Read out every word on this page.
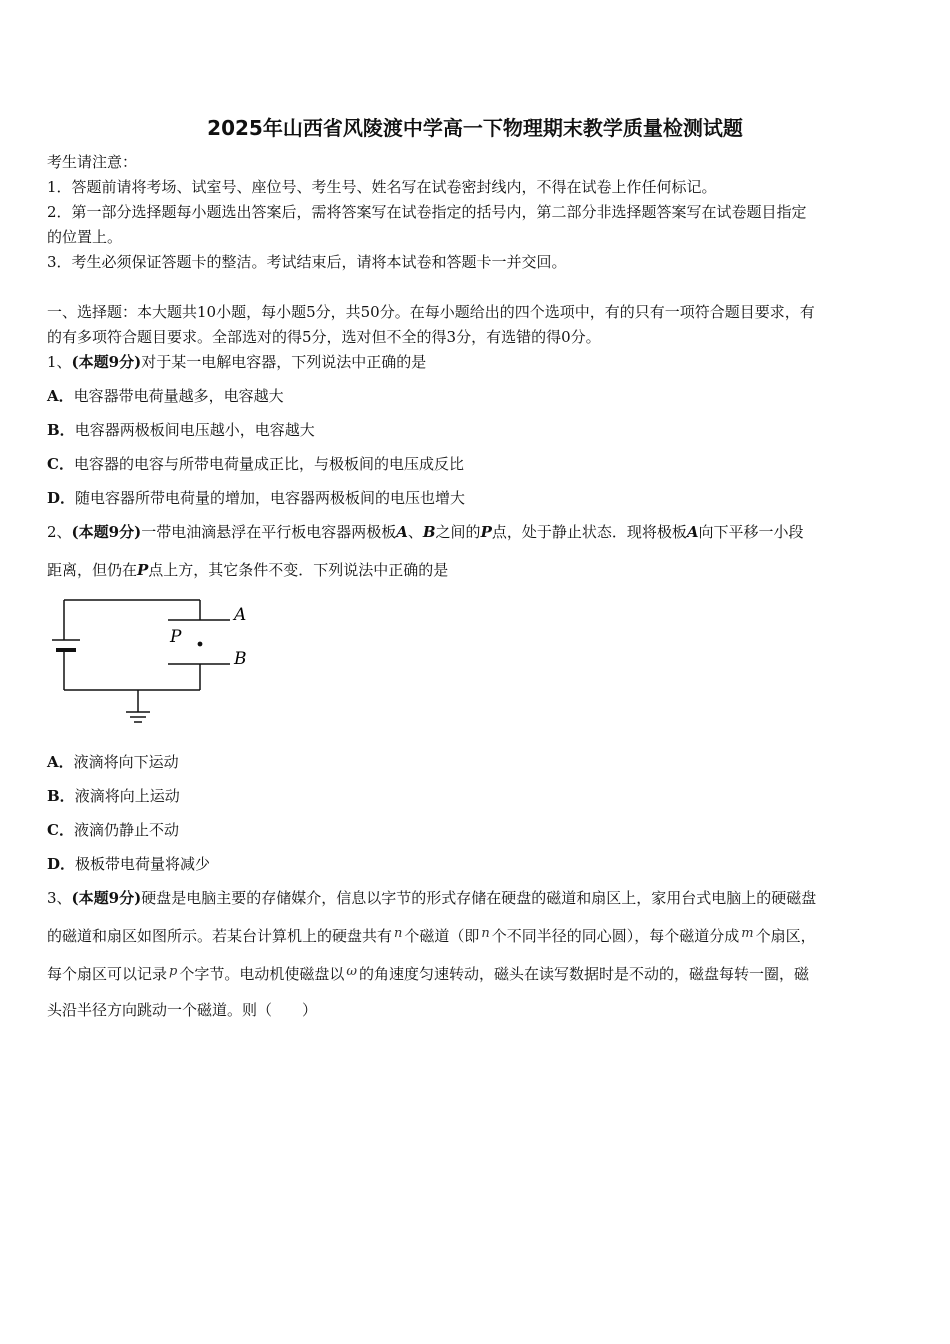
2025年山西省风陵渡中学高一下物理期末教学质量检测试题
考生请注意：
1．答题前请将考场、试室号、座位号、考生号、姓名写在试卷密封线内，不得在试卷上作任何标记。
2．第一部分选择题每小题选出答案后，需将答案写在试卷指定的括号内，第二部分非选择题答案写在试卷题目指定
的位置上。
3．考生必须保证答题卡的整洁。考试结束后，请将本试卷和答题卡一并交回。
一、选择题：本大题共10小题，每小题5分，共50分。在每小题给出的四个选项中，有的只有一项符合题目要求，有
的有多项符合题目要求。全部选对的得5分，选对但不全的得3分，有选错的得0分。
1、(本题9分)对于某一电解电容器，下列说法中正确的是
A．电容器带电荷量越多，电容越大
B．电容器两极板间电压越小，电容越大
C．电容器的电容与所带电荷量成正比，与极板间的电压成反比
D．随电容器所带电荷量的增加，电容器两极板间的电压也增大
2、(本题9分)一带电油滴悬浮在平行板电容器两极板A、B之间的P点，处于静止状态．现将极板A向下平移一小段
距离，但仍在P点上方，其它条件不变．下列说法中正确的是
A
B
P
A．液滴将向下运动
B．液滴将向上运动
C．液滴仍静止不动
D．极板带电荷量将减少
3、(本题9分)硬盘是电脑主要的存储媒介，信息以字节的形式存储在硬盘的磁道和扇区上，家用台式电脑上的硬磁盘
的磁道和扇区如图所示。若某台计算机上的硬盘共有 n 个磁道（即 n 个不同半径的同心圆），每个磁道分成 m 个扇区，
每个扇区可以记录 p 个字节。电动机使磁盘以 ω 的角速度匀速转动，磁头在读写数据时是不动的，磁盘每转一圈，磁
头沿半径方向跳动一个磁道。则（　　）
